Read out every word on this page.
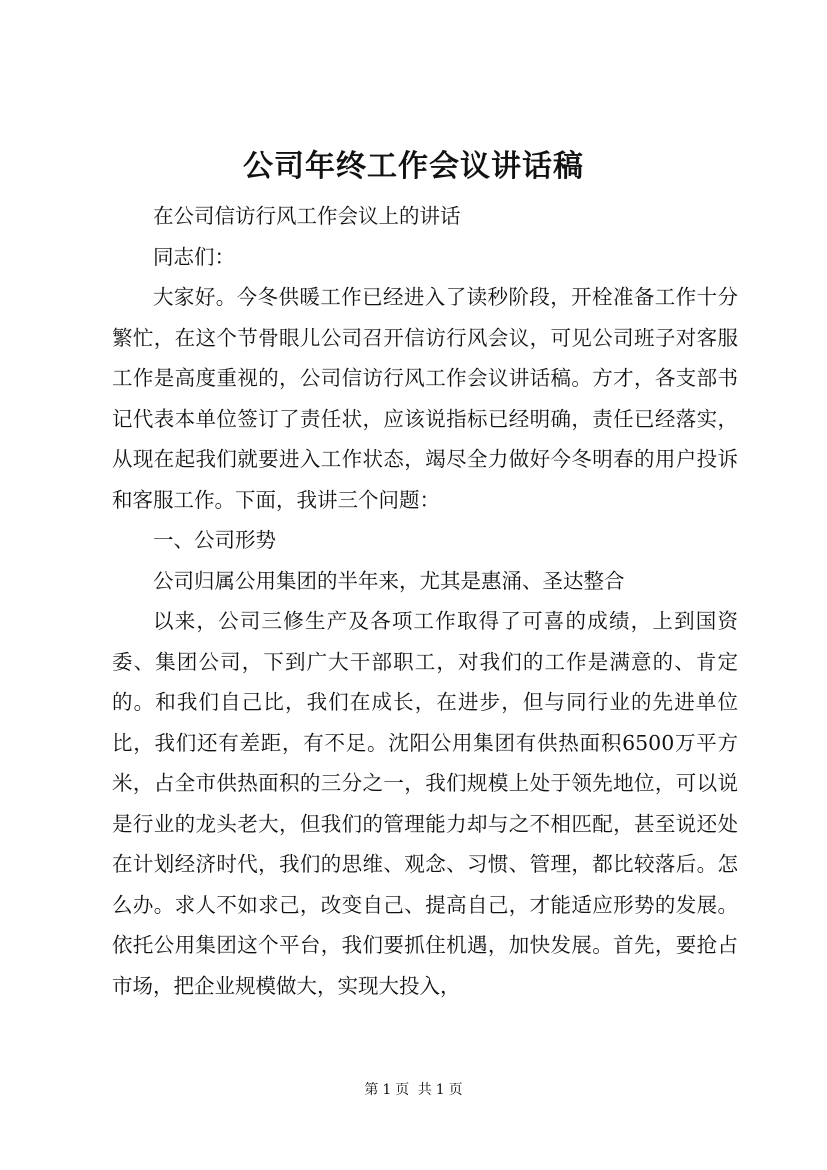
公司年终工作会议讲话稿

在公司信访行风工作会议上的讲话

同志们：

大家好。今冬供暖工作已经进入了读秒阶段，开栓准备工作十分繁忙，在这个节骨眼儿公司召开信访行风会议，可见公司班子对客服工作是高度重视的，公司信访行风工作会议讲话稿。方才，各支部书记代表本单位签订了责任状，应该说指标已经明确，责任已经落实，从现在起我们就要进入工作状态，竭尽全力做好今冬明春的用户投诉和客服工作。下面，我讲三个问题：

一、公司形势

公司归属公用集团的半年来，尤其是惠涌、圣达整合

以来，公司三修生产及各项工作取得了可喜的成绩，上到国资委、集团公司，下到广大干部职工，对我们的工作是满意的、肯定的。和我们自己比，我们在成长，在进步，但与同行业的先进单位比，我们还有差距，有不足。沈阳公用集团有供热面积6500万平方米，占全市供热面积的三分之一，我们规模上处于领先地位，可以说是行业的龙头老大，但我们的管理能力却与之不相匹配，甚至说还处在计划经济时代，我们的思维、观念、习惯、管理，都比较落后。怎么办。求人不如求己，改变自己、提高自己，才能适应形势的发展。依托公用集团这个平台，我们要抓住机遇，加快发展。首先，要抢占市场，把企业规模做大，实现大投入，

第 1 页 共 1 页
